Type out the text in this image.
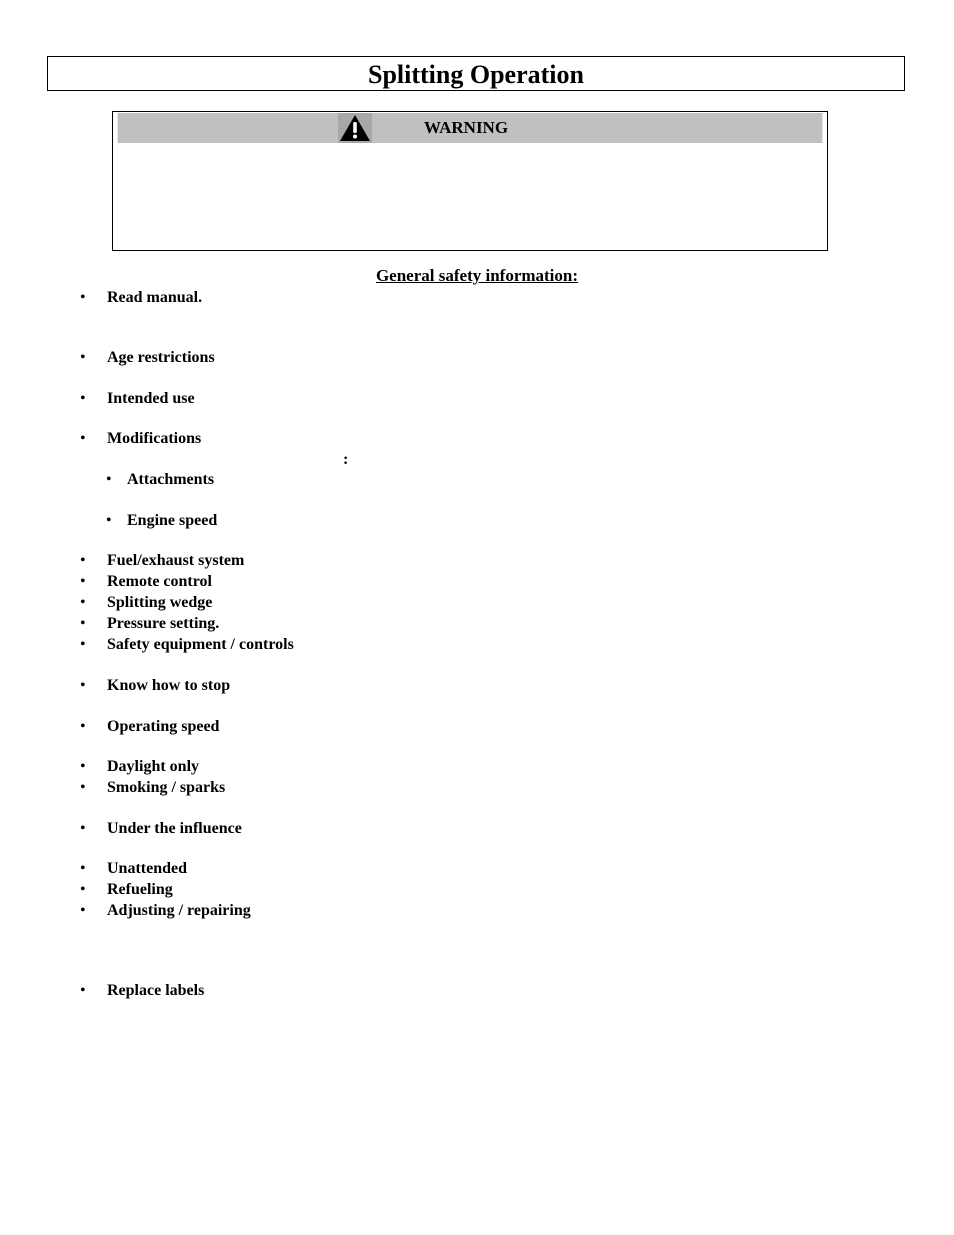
Splitting Operation
WARNING
General safety information:
• Read manual.
• Age restrictions
• Intended use
• Modifications
:
• Attachments
• Engine speed
• Fuel/exhaust system
• Remote control
• Splitting wedge
• Pressure setting.
• Safety equipment / controls
• Know how to stop
• Operating speed
• Daylight only
• Smoking / sparks
• Under the influence
• Unattended
• Refueling
• Adjusting / repairing
• Replace labels
